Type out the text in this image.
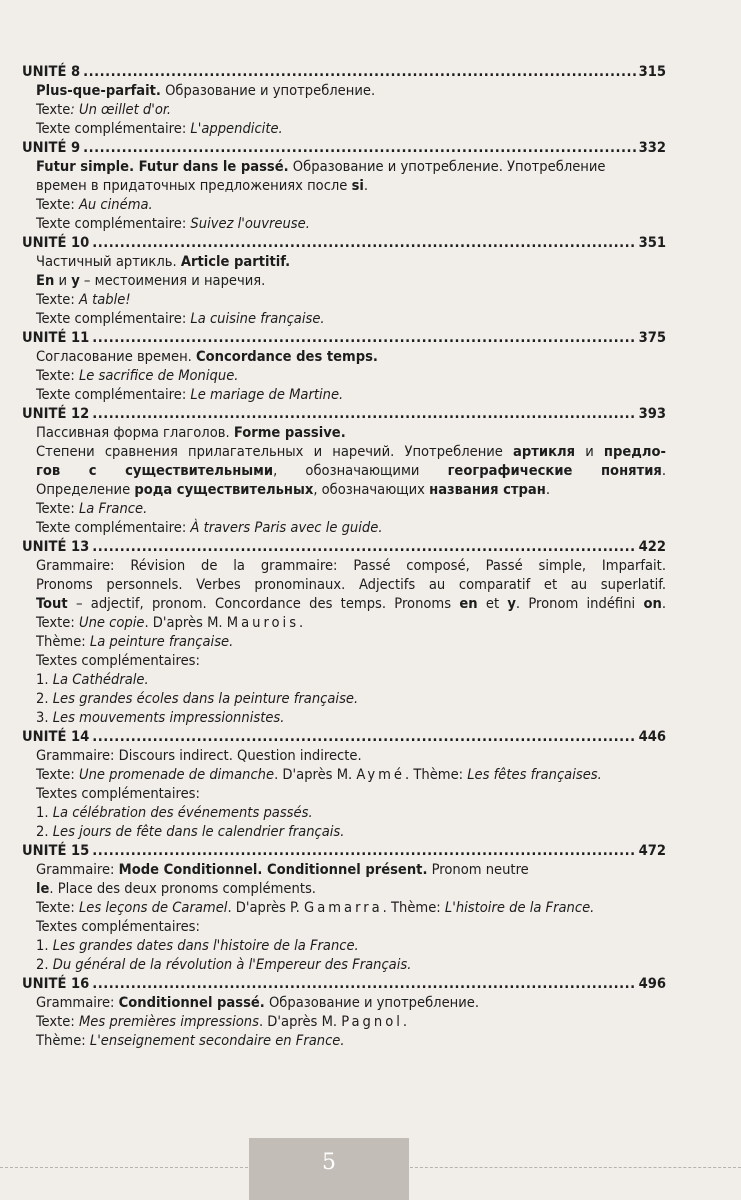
UNITÉ 8 .....	315
Plus-que-parfait. Образование и употребление.
Texte: Un œillet d'or.
Texte complémentaire: L'appendicite.
UNITÉ 9 .....	332
Futur simple. Futur dans le passé. Образование и употребление. Употребление
времен в придаточных предложениях после si.
Texte: Au cinéma.
Texte complémentaire: Suivez l'ouvreuse.
UNITÉ 10 .....	351
Частичный артикль. Article partitif.
En и y – местоимения и наречия.
Texte: A table!
Texte complémentaire: La cuisine française.
UNITÉ 11 .....	375
Согласование времен. Concordance des temps.
Texte: Le sacrifice de Monique.
Texte complémentaire: Le mariage de Martine.
UNITÉ 12 .....	393
Пассивная форма глаголов. Forme passive.
Степени сравнения прилагательных и наречий. Употребление артикля и предло-
гов с существительными, обозначающими географические понятия.
Определение рода существительных, обозначающих названия стран.
Texte: La France.
Texte complémentaire: À travers Paris avec le guide.
UNITÉ 13 .....	422
Grammaire: Révision de la grammaire: Passé composé, Passé simple, Imparfait.
Pronoms personnels. Verbes pronominaux. Adjectifs au comparatif et au superlatif.
Tout – adjectif, pronom. Concordance des temps. Pronoms en et y. Pronom indéfini on.
Texte: Une copie. D'après M. Maurois.
Thème: La peinture française.
Textes complémentaires:
1. La Cathédrale.
2. Les grandes écoles dans la peinture française.
3. Les mouvements impressionnistes.
UNITÉ 14 .....	446
Grammaire: Discours indirect. Question indirecte.
Texte: Une promenade de dimanche. D'après M. Aymé. Thème: Les fêtes françaises.
Textes complémentaires:
1. La célébration des événements passés.
2. Les jours de fête dans le calendrier français.
UNITÉ 15 .....	472
Grammaire: Mode Conditionnel. Conditionnel présent. Pronom neutre
le. Place des deux pronoms compléments.
Texte: Les leçons de Caramel. D'après P. Gamarra. Thème: L'histoire de la France.
Textes complémentaires:
1. Les grandes dates dans l'histoire de la France.
2. Du général de la révolution à l'Empereur des Français.
UNITÉ 16 .....	496
Grammaire: Conditionnel passé. Образование и употребление.
Texte: Mes premières impressions. D'après M. Pagnol.
Thème: L'enseignement secondaire en France.
5
